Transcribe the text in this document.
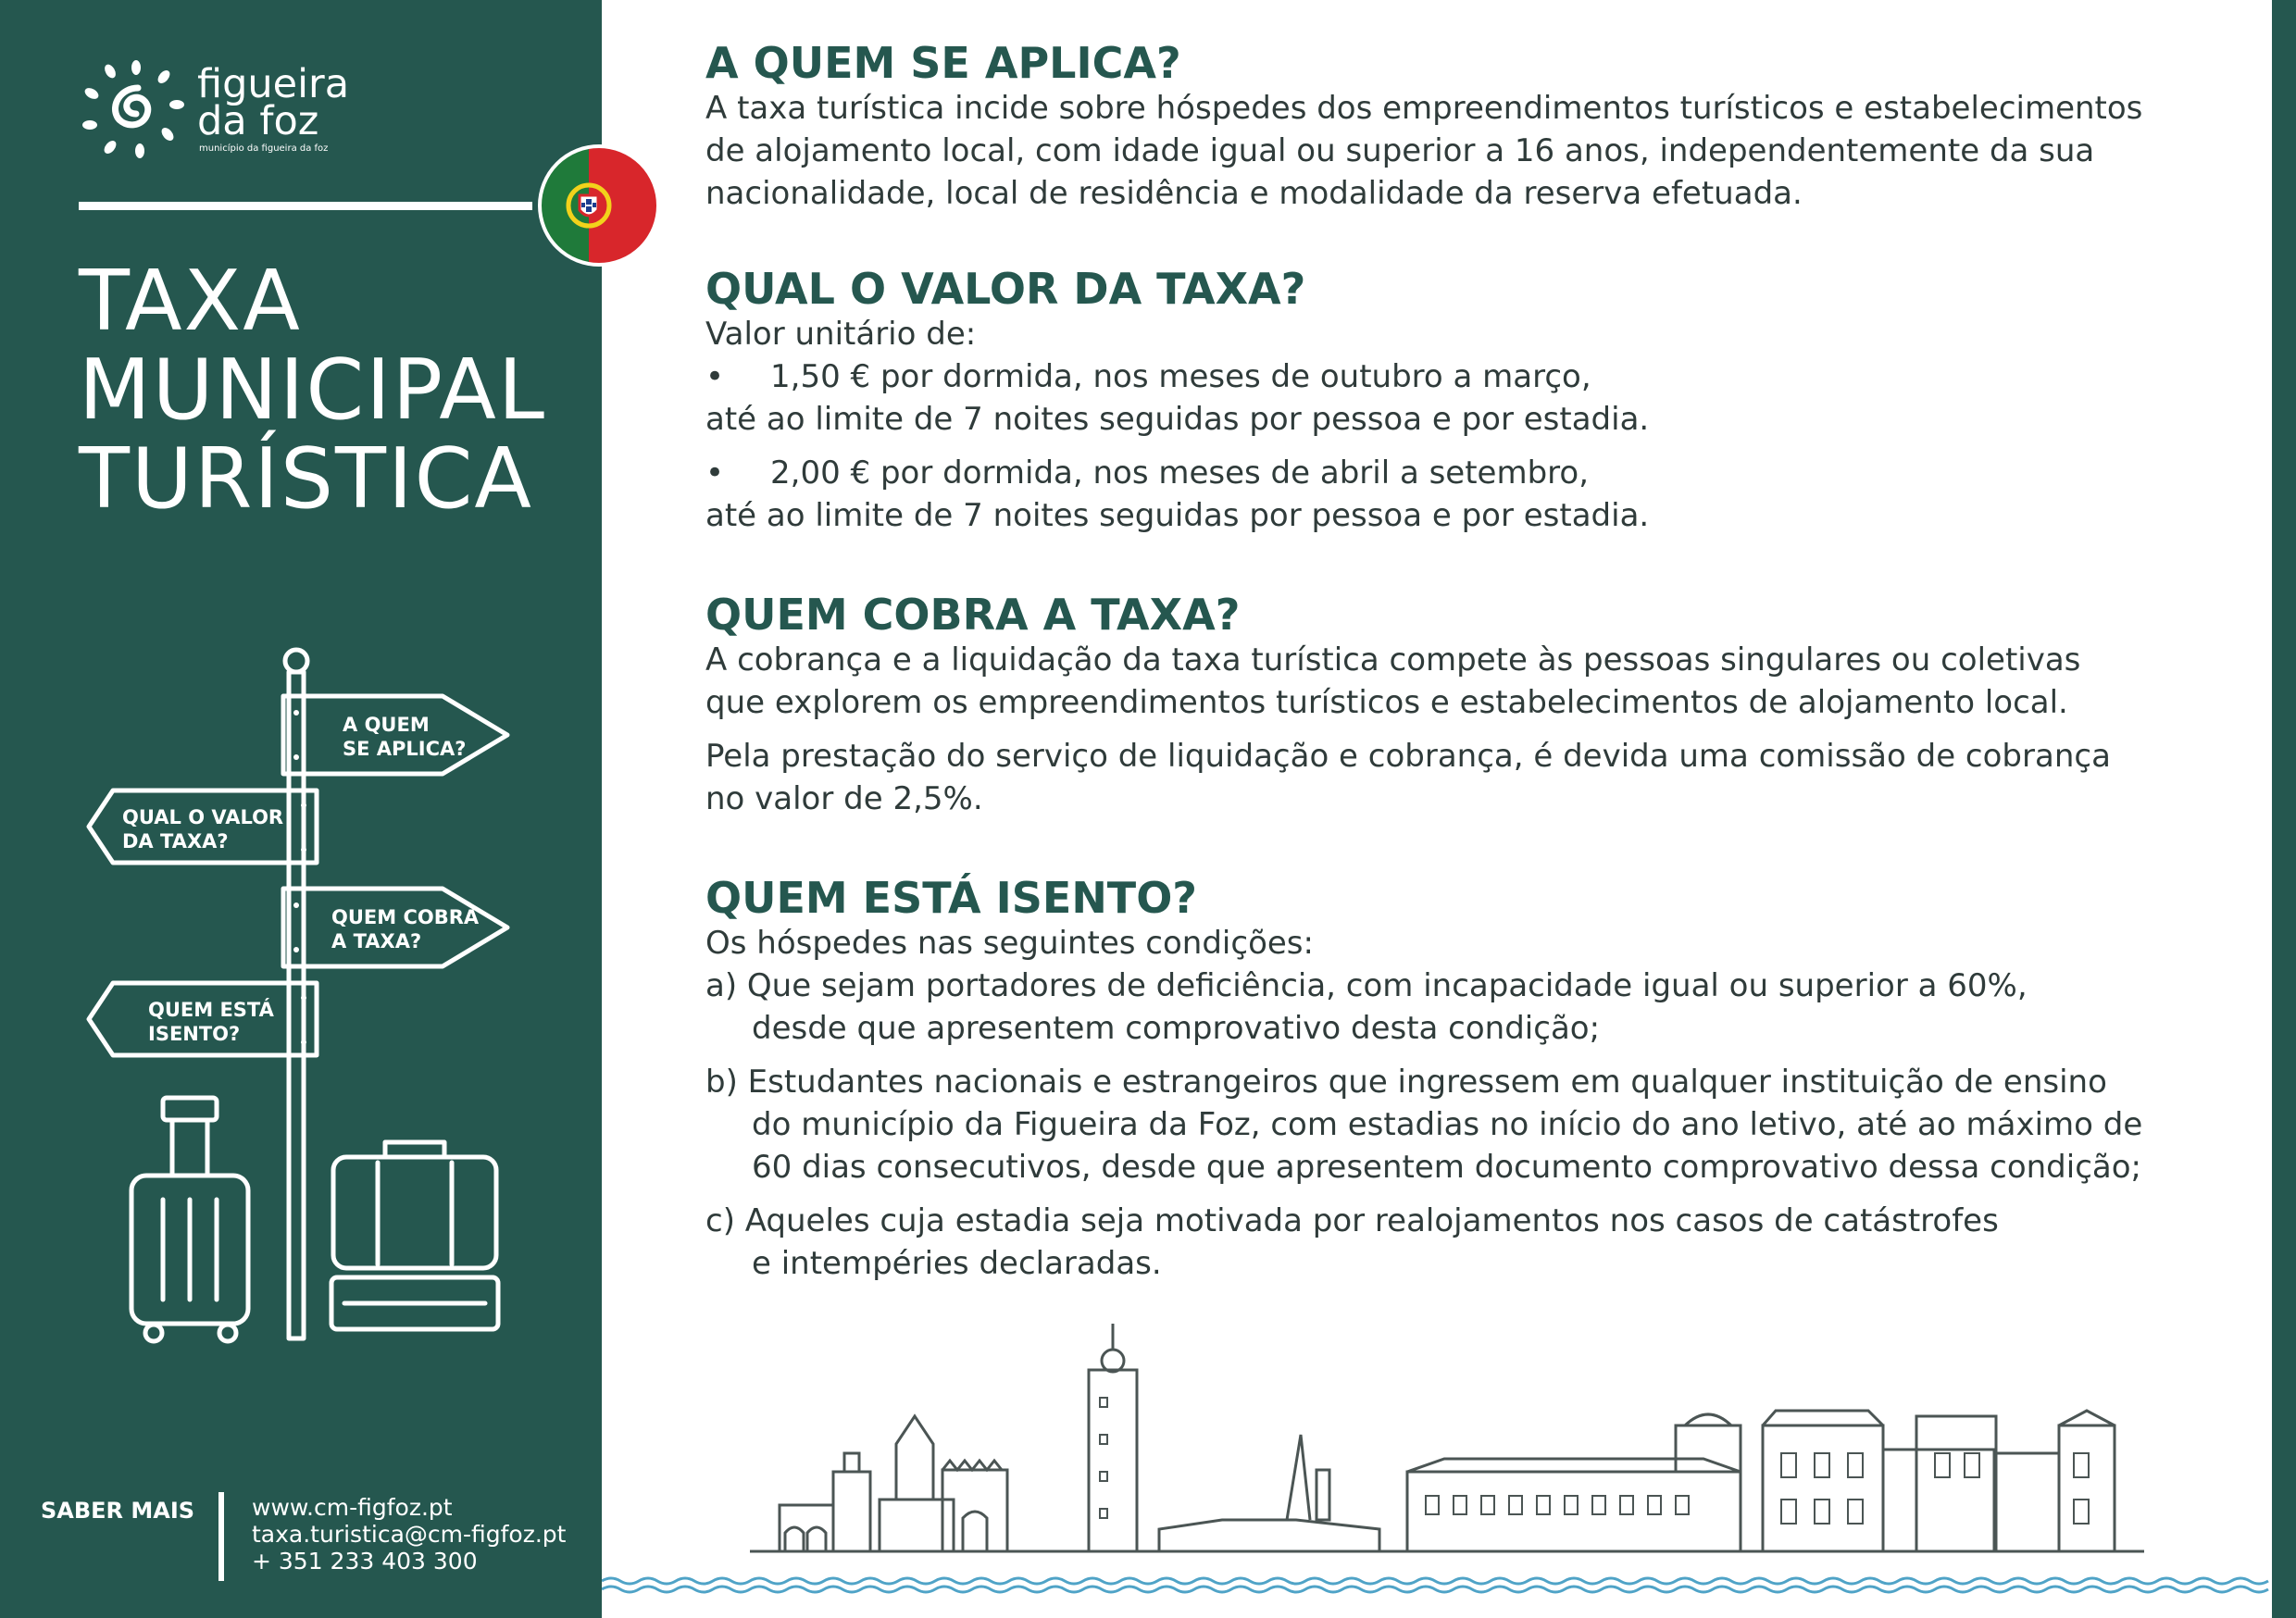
figueira
da foz
município da figueira da foz
TAXA
MUNICIPAL
TURÍSTICA
A QUEM
SE APLICA?
QUAL O VALOR
DA TAXA?
QUEM COBRA
A TAXA?
QUEM ESTÁ
ISENTO?
SABER MAIS www.cm-figfoz.pt
taxa.turistica@cm-figfoz.pt
+ 351 233 403 300
A QUEM SE APLICA?

A taxa turística incide sobre hóspedes dos empreendimentos turísticos e estabelecimentos

de alojamento local, com idade igual ou superior a 16 anos, independentemente da sua

nacionalidade, local de residência e modalidade da reserva efetuada.

QUAL O VALOR DA TAXA?

Valor unitário de:

• 1,50 € por dormida, nos meses de outubro a março,

até ao limite de 7 noites seguidas por pessoa e por estadia.

• 2,00 € por dormida, nos meses de abril a setembro,

até ao limite de 7 noites seguidas por pessoa e por estadia.

QUEM COBRA A TAXA?

A cobrança e a liquidação da taxa turística compete às pessoas singulares ou coletivas

que explorem os empreendimentos turísticos e estabelecimentos de alojamento local.

Pela prestação do serviço de liquidação e cobrança, é devida uma comissão de cobrança

no valor de 2,5%.

QUEM ESTÁ ISENTO?

Os hóspedes nas seguintes condições:

a) Que sejam portadores de deficiência, com incapacidade igual ou superior a 60%,

desde que apresentem comprovativo desta condição;

b) Estudantes nacionais e estrangeiros que ingressem em qualquer instituição de ensino

do município da Figueira da Foz, com estadias no início do ano letivo, até ao máximo de

60 dias consecutivos, desde que apresentem documento comprovativo dessa condição;

c) Aqueles cuja estadia seja motivada por realojamentos nos casos de catástrofes

e intempéries declaradas.
